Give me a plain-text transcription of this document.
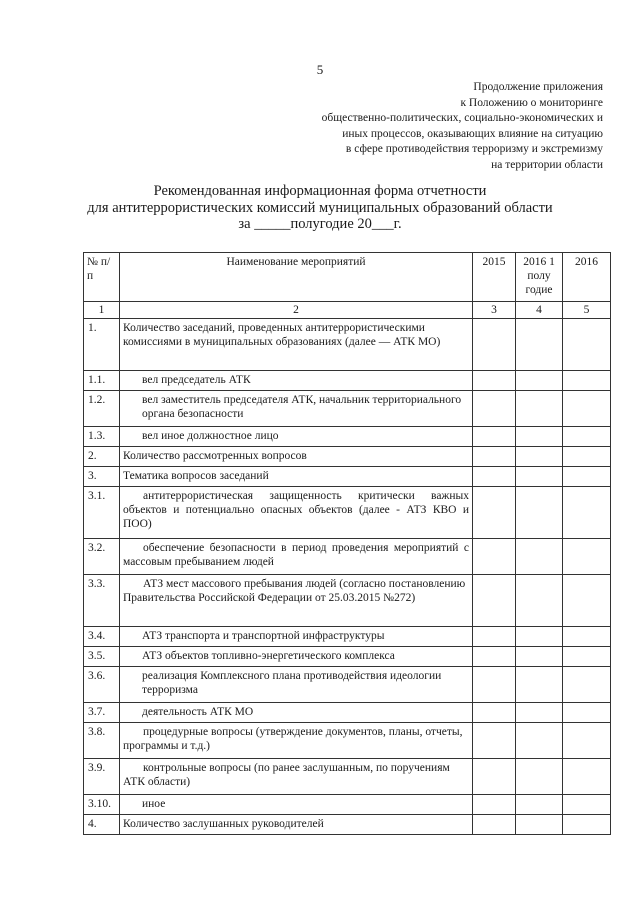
5
Продолжение приложения
к Положению о мониторинге
общественно-политических, социально-экономических и
иных процессов, оказывающих влияние на ситуацию
в сфере противодействия терроризму и экстремизму
на территории области
Рекомендованная информационная форма отчетности
для антитеррористических комиссий муниципальных образований области
за _____полугодие 20___г.
№ п/п	Наименование мероприятий	2015	2016 1 полу годие	2016
1	2	3	4	5
1.	Количество заседаний, проведенных антитеррористическими комиссиями в муниципальных образованиях (далее — АТК МО)			
1.1.	вел председатель АТК			
1.2.	вел заместитель председателя АТК, начальник территориального органа безопасности			
1.3.	вел иное должностное лицо			
2.	Количество рассмотренных вопросов			
3.	Тематика вопросов заседаний			
3.1.	антитеррористическая защищенность критически важных объектов и потенциально опасных объектов (далее - АТЗ КВО и ПОО)			
3.2.	обеспечение безопасности в период проведения мероприятий с массовым пребыванием людей			
3.3.	АТЗ мест массового пребывания людей (согласно постановлению Правительства Российской Федерации от 25.03.2015 №272)			
3.4.	АТЗ транспорта и транспортной инфраструктуры			
3.5.	АТЗ объектов топливно-энергетического комплекса			
3.6.	реализация Комплексного плана противодействия идеологии терроризма			
3.7.	деятельность АТК МО			
3.8.	процедурные вопросы (утверждение документов, планы, отчеты, программы и т.д.)			
3.9.	контрольные вопросы (по ранее заслушанным, по поручениям АТК области)			
3.10.	иное			
4.	Количество заслушанных руководителей			
